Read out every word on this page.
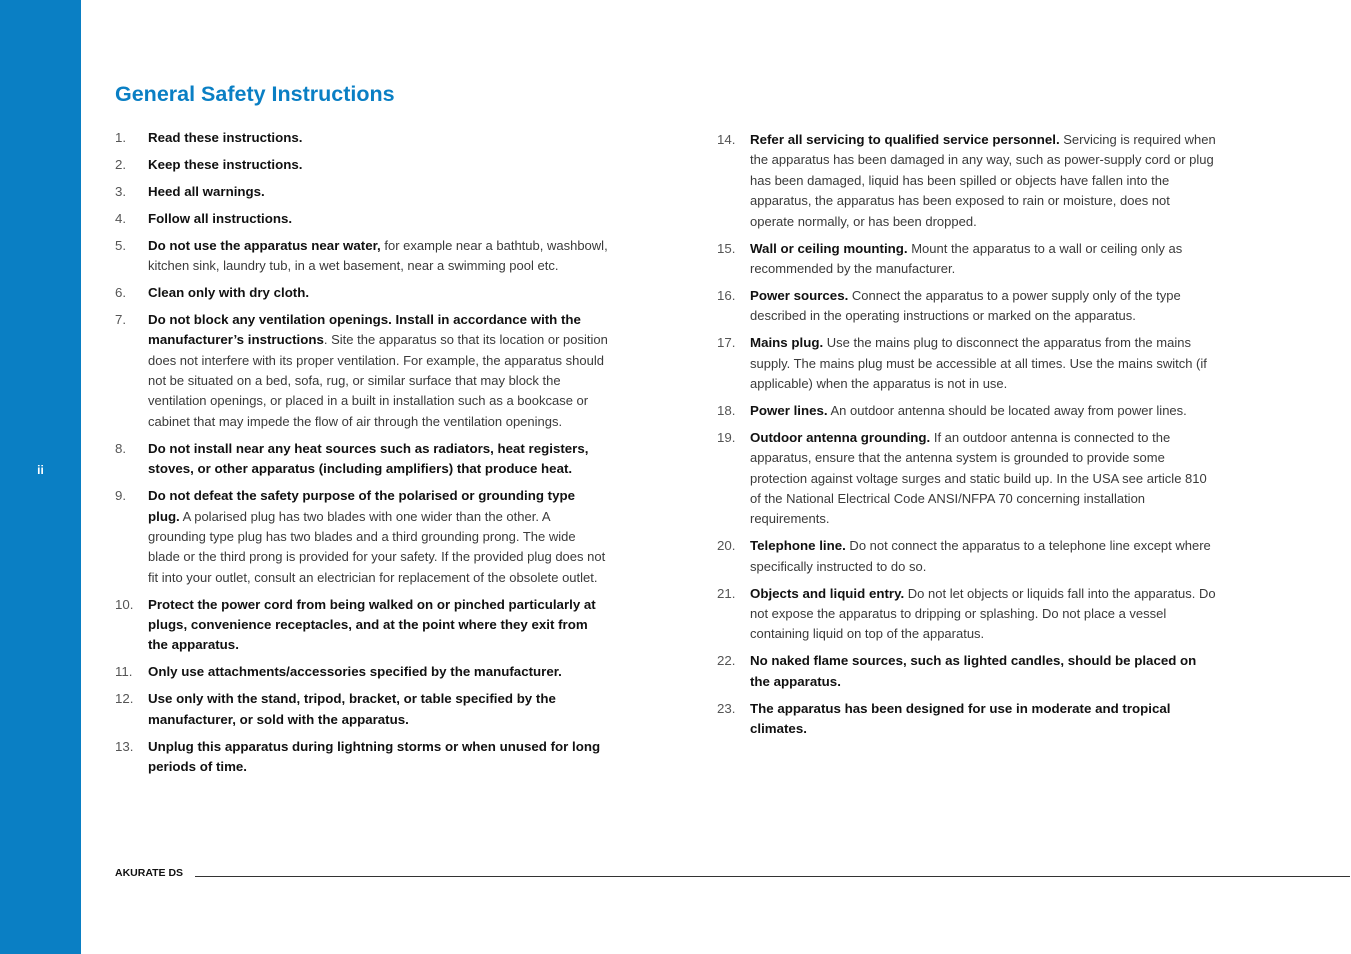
ii
General Safety Instructions
1. Read these instructions.
2. Keep these instructions.
3. Heed all warnings.
4. Follow all instructions.
5. Do not use the apparatus near water, for example near a bathtub, washbowl, kitchen sink, laundry tub, in a wet basement, near a swimming pool etc.
6. Clean only with dry cloth.
7. Do not block any ventilation openings. Install in accordance with the manufacturer’s instructions. Site the apparatus so that its location or position does not interfere with its proper ventilation. For example, the apparatus should not be situated on a bed, sofa, rug, or similar surface that may block the ventilation openings, or placed in a built in installation such as a bookcase or cabinet that may impede the flow of air through the ventilation openings.
8. Do not install near any heat sources such as radiators, heat registers, stoves, or other apparatus (including amplifiers) that produce heat.
9. Do not defeat the safety purpose of the polarised or grounding type plug. A polarised plug has two blades with one wider than the other. A grounding type plug has two blades and a third grounding prong. The wide blade or the third prong is provided for your safety. If the provided plug does not fit into your outlet, consult an electrician for replacement of the obsolete outlet.
10. Protect the power cord from being walked on or pinched particularly at plugs, convenience receptacles, and at the point where they exit from the apparatus.
11. Only use attachments/accessories specified by the manufacturer.
12. Use only with the stand, tripod, bracket, or table specified by the manufacturer, or sold with the apparatus.
13. Unplug this apparatus during lightning storms or when unused for long periods of time.
14. Refer all servicing to qualified service personnel. Servicing is required when the apparatus has been damaged in any way, such as power-supply cord or plug has been damaged, liquid has been spilled or objects have fallen into the apparatus, the apparatus has been exposed to rain or moisture, does not operate normally, or has been dropped.
15. Wall or ceiling mounting. Mount the apparatus to a wall or ceiling only as recommended by the manufacturer.
16. Power sources. Connect the apparatus to a power supply only of the type described in the operating instructions or marked on the apparatus.
17. Mains plug. Use the mains plug to disconnect the apparatus from the mains supply. The mains plug must be accessible at all times. Use the mains switch (if applicable) when the apparatus is not in use.
18. Power lines. An outdoor antenna should be located away from power lines.
19. Outdoor antenna grounding. If an outdoor antenna is connected to the apparatus, ensure that the antenna system is grounded to provide some protection against voltage surges and static build up. In the USA see article 810 of the National Electrical Code ANSI/NFPA 70 concerning installation requirements.
20. Telephone line. Do not connect the apparatus to a telephone line except where specifically instructed to do so.
21. Objects and liquid entry. Do not let objects or liquids fall into the apparatus. Do not expose the apparatus to dripping or splashing. Do not place a vessel containing liquid on top of the apparatus.
22. No naked flame sources, such as lighted candles, should be placed on the apparatus.
23. The apparatus has been designed for use in moderate and tropical climates.
AKURATE DS
